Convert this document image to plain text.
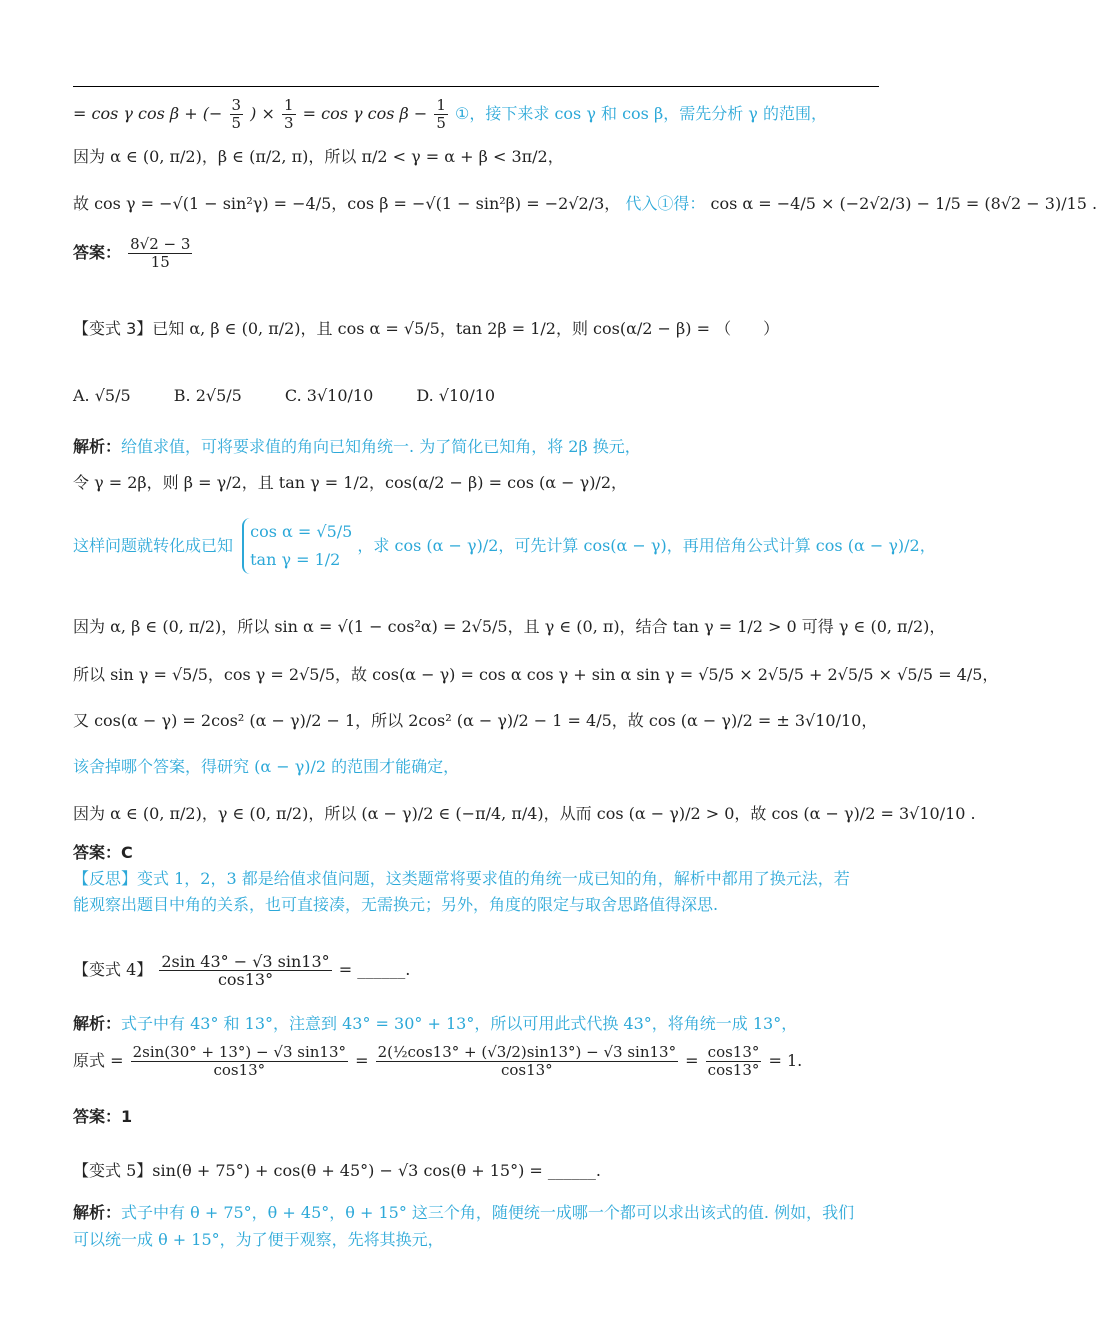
= cos γ cos β + (− $\frac{3}{5}$ ) × $\frac{1}{3} = \cos \gamma$ $\cos \beta - \frac{1}{5}$ ①，接下来求 cos γ 和 cos β，需先分析 γ 的范围，
因为 α ∈ (0, π/2)，β ∈ (π/2, π)，所以 π/2 < γ = α + β < 3π/2，
故 cos γ = −√(1 − sin²γ) = −4/5，cos β = −√(1 − sin²β) = −2√2/3， 代入①得： cos α = −4/5 × (−2√2/3) − 1/5 = (8√2 − 3)/15 .
答案： $\frac{8√2 - 3}{15}$
【变式 3】已知 α, β ∈ (0, π/2)，且 cos α = √5/5，tan 2β = 1/2，则 cos(α/2 − β) = （　　）
A. √5/5	B. 2√5/5	C. 3√10/10	D. √10/10
解析：给值求值，可将要求值的角向已知角统一. 为了简化已知角，将 2β 换元，
令 γ = 2β，则 β = γ/2，且 tan γ = 1/2，cos(α/2 − β) = cos (α − γ)/2，
这样问题就转化成已知
cos α = √5/5
tan γ = 1/2
，求 cos (α − γ)/2，可先计算 cos(α − γ)，再用倍角公式计算 cos (α − γ)/2，
因为 α, β ∈ (0, π/2)，所以 sin α = √(1 − cos²α) = 2√5/5，且 γ ∈ (0, π)，结合 tan γ = 1/2 > 0 可得 γ ∈ (0, π/2)，
所以 sin γ = √5/5，cos γ = 2√5/5，故 cos(α − γ) = cos α cos γ + sin α sin γ = √5/5 × 2√5/5 + 2√5/5 × √5/5 = 4/5，
又 cos(α − γ) = 2cos² (α − γ)/2 − 1，所以 2cos² (α − γ)/2 − 1 = 4/5，故 cos (α − γ)/2 = ± 3√10/10，
该舍掉哪个答案，得研究 (α − γ)/2 的范围才能确定，
因为 α ∈ (0, π/2)，γ ∈ (0, π/2)，所以 (α − γ)/2 ∈ (−π/4, π/4)，从而 cos (α − γ)/2 > 0，故 cos (α − γ)/2 = 3√10/10 .
答案：C
【反思】变式 1，2，3 都是给值求值问题，这类题常将要求值的角统一成已知的角，解析中都用了换元法，若
能观察出题目中角的关系，也可直接凑，无需换元；另外，角度的限定与取舍思路值得深思.
【变式 4】 $\frac{2\sin 43^\circ - √3 \sin 13^\circ}{\cos 13^\circ}$ = ______.
解析：式子中有 43° 和 13°，注意到 43° = 30° + 13°，所以可用此式代换 43°，将角统一成 13°，
原式 = $\frac{2\sin(30^\circ + 13^\circ) - √3 \sin 13^\circ}{\cos 13^\circ} = \frac{\text{2(½cos13° + (√3/2)sin13°) − √3 sin13°}}{\cos 13^\circ} = \frac{\cos 13^\circ}{\cos 13^\circ} = 1$.
答案：1
【变式 5】sin(θ + 75°) + cos(θ + 45°) − √3 cos(θ + 15°) = ______.
解析：式子中有 θ + 75°，θ + 45°，θ + 15° 这三个角，随便统一成哪一个都可以求出该式的值. 例如，我们
可以统一成 θ + 15°，为了便于观察，先将其换元，
